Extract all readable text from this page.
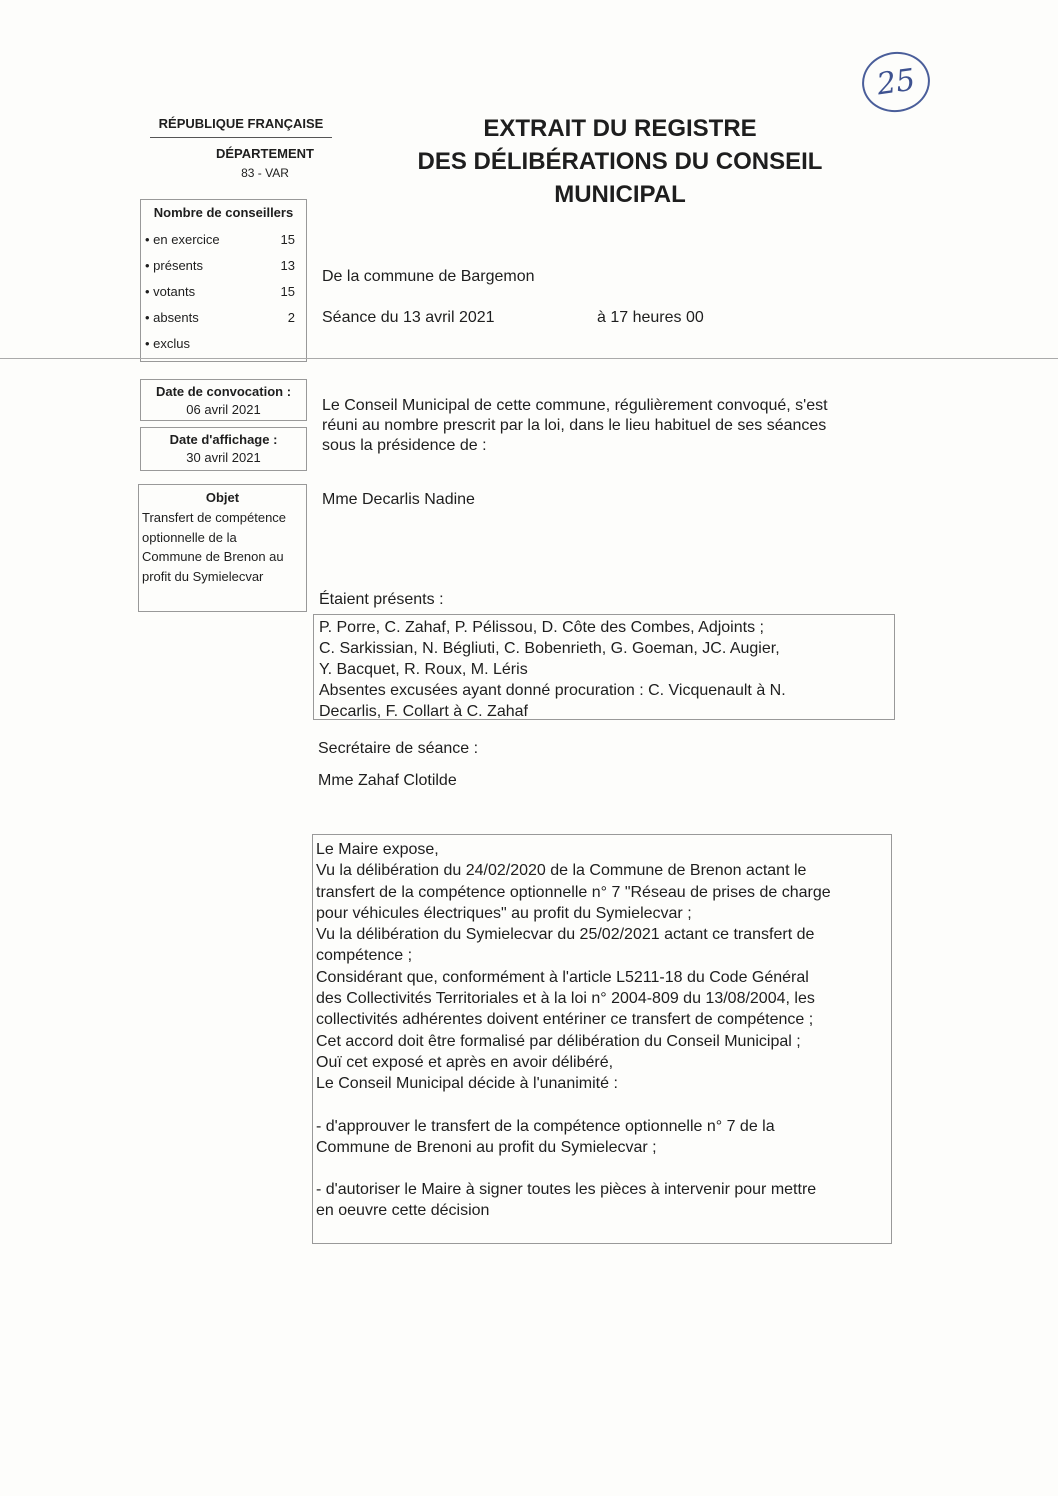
25
RÉPUBLIQUE FRANÇAISE
DÉPARTEMENT
83 - VAR
EXTRAIT DU REGISTRE
DES DÉLIBÉRATIONS DU CONSEIL
MUNICIPAL
Nombre de conseillers
• en exercice	15
• présents	13
• votants	15
• absents	2
• exclus
De la commune de Bargemon
Séance du 13 avril 2021	à 17 heures 00
Date de convocation :
06 avril 2021
Date d'affichage :
30 avril 2021
Objet
Transfert de compétence
optionnelle de la
Commune de Brenon au
profit du Symielecvar
Le Conseil Municipal de cette commune, régulièrement convoqué, s'est
réuni au nombre prescrit par la loi, dans le lieu habituel de ses séances
sous la présidence de :
Mme Decarlis Nadine
Étaient présents :
P. Porre, C. Zahaf, P. Pélissou, D. Côte des Combes, Adjoints ;
C. Sarkissian, N. Bégliuti, C. Bobenrieth, G. Goeman, JC. Augier,
Y. Bacquet, R. Roux, M. Léris
Absentes excusées ayant donné procuration : C. Vicquenault à N.
Decarlis, F. Collart à C. Zahaf
Secrétaire de séance :
Mme Zahaf Clotilde
Le Maire expose,
Vu la délibération du 24/02/2020 de la Commune de Brenon actant le
transfert de la compétence optionnelle n° 7 "Réseau de prises de charge
pour véhicules électriques" au profit du Symielecvar ;
Vu la délibération du Symielecvar du 25/02/2021 actant ce transfert de
compétence ;
Considérant que, conformément à l'article L5211-18 du Code Général
des Collectivités Territoriales et à la loi n° 2004-809 du 13/08/2004, les
collectivités adhérentes doivent entériner ce transfert de compétence ;
Cet accord doit être formalisé par délibération du Conseil Municipal ;
Ouï cet exposé et après en avoir délibéré,
Le Conseil Municipal décide à l'unanimité :
- d'approuver le transfert de la compétence optionnelle n° 7 de la
Commune de Brenoni au profit du Symielecvar ;
- d'autoriser le Maire à signer toutes les pièces à intervenir pour mettre
en oeuvre cette décision
